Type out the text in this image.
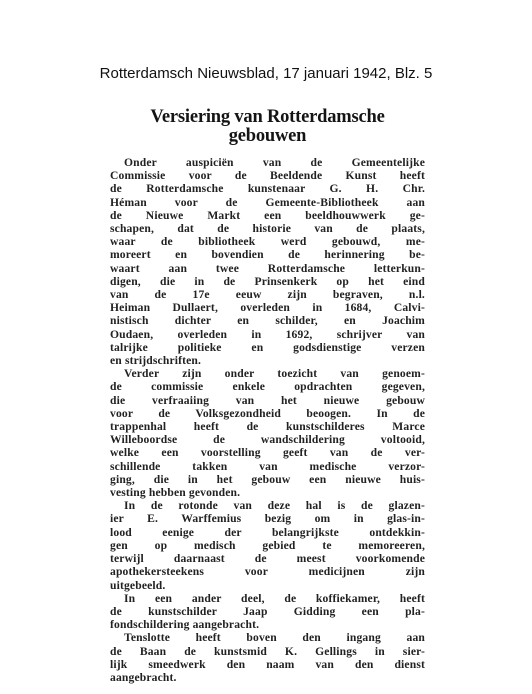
Rotterdamsch Nieuwsblad, 17 januari 1942, Blz. 5
Versiering van Rotterdamsche
gebouwen
Onder auspiciën van de Gemeentelijke
Commissie voor de Beeldende Kunst heeft
de Rotterdamsche kunstenaar G. H. Chr.
Héman voor de Gemeente-Bibliotheek aan
de Nieuwe Markt een beeldhouwwerk ge-
schapen, dat de historie van de plaats,
waar de bibliotheek werd gebouwd, me-
moreert en bovendien de herinnering be-
waart aan twee Rotterdamsche letterkun-
digen, die in de Prinsenkerk op het eind
van de 17e eeuw zijn begraven, n.l.
Heiman Dullaert, overleden in 1684, Calvi-
nistisch dichter en schilder, en Joachim
Oudaen, overleden in 1692, schrijver van
talrijke politieke en godsdienstige verzen
en strijdschriften.
Verder zijn onder toezicht van genoem-
de commissie enkele opdrachten gegeven,
die verfraaiing van het nieuwe gebouw
voor de Volksgezondheid beoogen. In de
trappenhal heeft de kunstschilderes Marce
Willeboordse de wandschildering voltooid,
welke een voorstelling geeft van de ver-
schillende takken van medische verzor-
ging, die in het gebouw een nieuwe huis-
vesting hebben gevonden.
In de rotonde van deze hal is de glazen-
ier E. Warffemius bezig om in glas-in-
lood eenige der belangrijkste ontdekkin-
gen op medisch gebied te memoreeren,
terwijl daarnaast de meest voorkomende
apothekersteekens voor medicijnen zijn
uitgebeeld.
In een ander deel, de koffiekamer, heeft
de kunstschilder Jaap Gidding een pla-
fondschildering aangebracht.
Tenslotte heeft boven den ingang aan
de Baan de kunstsmid K. Gellings in sier-
lijk smeedwerk den naam van den dienst
aangebracht.
